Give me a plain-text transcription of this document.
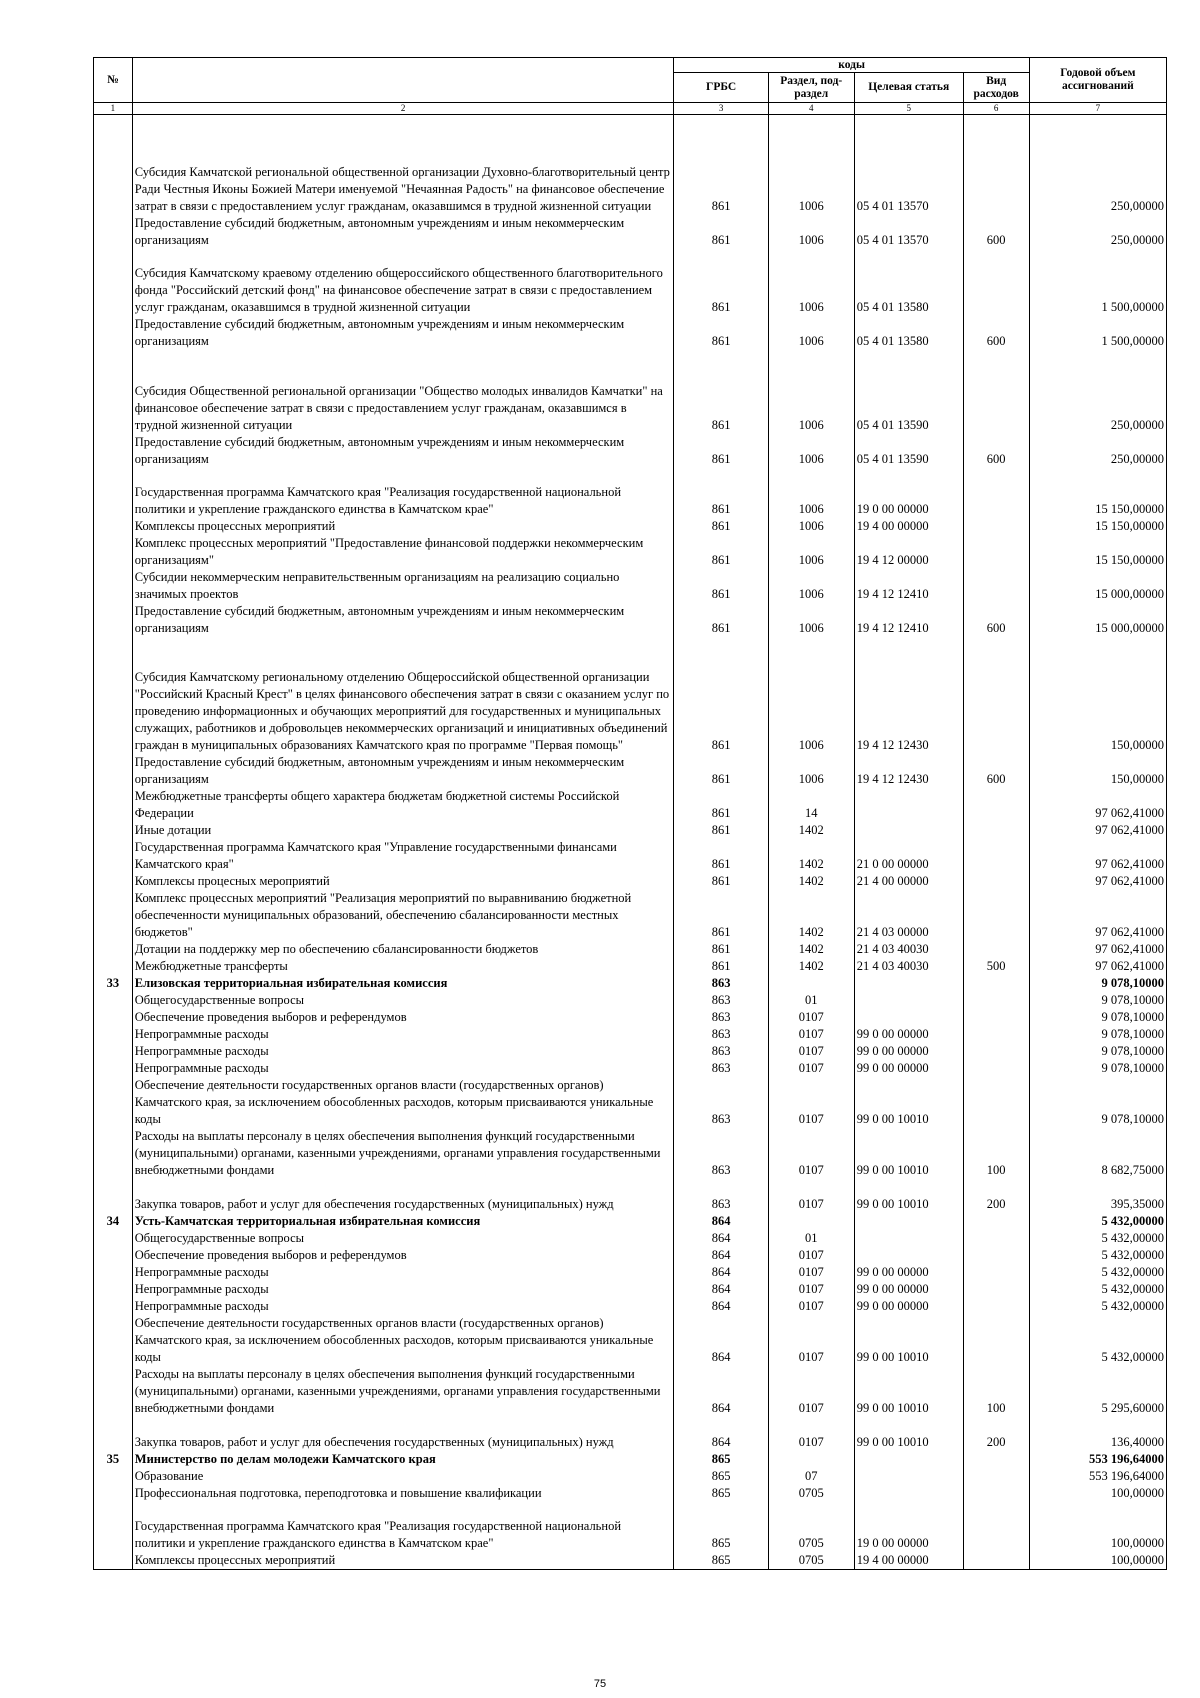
№		коды				Годовой объем ассигнований
		ГРБС	Раздел, под-раздел	Целевая статья	Вид расходов	
1	2	3	4	5	6	7
	Субсидия Камчатской региональной общественной организации Духовно-благотворительный центр Ради Честныя Иконы Божией Матери именуемой "Нечаянная Радость" на финансовое обеспечение затрат в связи с предоставлением услуг гражданам, оказавшимся в трудной жизненной ситуации	861	1006	05 4 01 13570		250,00000
	Предоставление субсидий бюджетным, автономным учреждениям и иным некоммерческим организациям	861	1006	05 4 01 13570	600	250,00000
	Субсидия Камчатскому краевому отделению общероссийского общественного благотворительного фонда "Российский детский фонд" на финансовое обеспечение затрат в связи с предоставлением услуг гражданам, оказавшимся в трудной жизненной ситуации	861	1006	05 4 01 13580		1 500,00000
	Предоставление субсидий бюджетным, автономным учреждениям и иным некоммерческим организациям	861	1006	05 4 01 13580	600	1 500,00000
	Субсидия Общественной региональной организации "Общество молодых инвалидов Камчатки" на финансовое обеспечение затрат в связи с предоставлением услуг гражданам, оказавшимся в трудной жизненной ситуации	861	1006	05 4 01 13590		250,00000
	Предоставление субсидий бюджетным, автономным учреждениям и иным некоммерческим организациям	861	1006	05 4 01 13590	600	250,00000
	Государственная программа Камчатского края "Реализация государственной национальной политики и укрепление гражданского единства в Камчатском крае"	861	1006	19 0 00 00000		15 150,00000
	Комплексы процессных мероприятий	861	1006	19 4 00 00000		15 150,00000
	Комплекс процессных мероприятий "Предоставление финансовой поддержки некоммерческим организациям"	861	1006	19 4 12 00000		15 150,00000
	Субсидии некоммерческим неправительственным организациям на реализацию социально значимых проектов	861	1006	19 4 12 12410		15 000,00000
	Предоставление субсидий бюджетным, автономным учреждениям и иным некоммерческим организациям	861	1006	19 4 12 12410	600	15 000,00000
	Субсидия Камчатскому региональному отделению Общероссийской общественной организации "Российский Красный Крест" в целях финансового обеспечения затрат в связи с оказанием услуг по проведению информационных и обучающих мероприятий для государственных и муниципальных служащих, работников и добровольцев некоммерческих организаций и инициативных объединений граждан в муниципальных образованиях Камчатского края по программе "Первая помощь"	861	1006	19 4 12 12430		150,00000
	Предоставление субсидий бюджетным, автономным учреждениям и иным некоммерческим организациям	861	1006	19 4 12 12430	600	150,00000
	Межбюджетные трансферты общего характера бюджетам бюджетной системы Российской Федерации	861	14			97 062,41000
	Иные дотации	861	1402			97 062,41000
	Государственная программа Камчатского края "Управление государственными финансами Камчатского края"	861	1402	21 0 00 00000		97 062,41000
	Комплексы процесных мероприятий	861	1402	21 4 00 00000		97 062,41000
	Комплекс процессных мероприятий "Реализация мероприятий по выравниванию бюджетной обеспеченности муниципальных образований, обеспечению сбалансированности местных бюджетов"	861	1402	21 4 03 00000		97 062,41000
	Дотации на поддержку мер по обеспечению сбалансированности бюджетов	861	1402	21 4 03 40030		97 062,41000
	Межбюджетные трансферты	861	1402	21 4 03 40030	500	97 062,41000
33	Елизовская территориальная избирательная комиссия	863				9 078,10000
	Общегосударственные вопросы	863	01			9 078,10000
	Обеспечение проведения выборов и референдумов	863	0107			9 078,10000
	Непрограммные расходы	863	0107	99 0 00 00000		9 078,10000
	Непрограммные расходы	863	0107	99 0 00 00000		9 078,10000
	Непрограммные расходы	863	0107	99 0 00 00000		9 078,10000
	Обеспечение деятельности государственных органов власти (государственных органов) Камчатского края, за исключением обособленных расходов, которым присваиваются уникальные коды	863	0107	99 0 00 10010		9 078,10000
	Расходы на выплаты персоналу в целях обеспечения выполнения функций государственными (муниципальными) органами, казенными учреждениями, органами управления государственными внебюджетными фондами	863	0107	99 0 00 10010	100	8 682,75000
	Закупка товаров, работ и услуг для обеспечения государственных (муниципальных) нужд	863	0107	99 0 00 10010	200	395,35000
34	Усть-Камчатская территориальная избирательная комиссия	864				5 432,00000
	Общегосударственные вопросы	864	01			5 432,00000
	Обеспечение проведения выборов и референдумов	864	0107			5 432,00000
	Непрограммные расходы	864	0107	99 0 00 00000		5 432,00000
	Непрограммные расходы	864	0107	99 0 00 00000		5 432,00000
	Непрограммные расходы	864	0107	99 0 00 00000		5 432,00000
	Обеспечение деятельности государственных органов власти (государственных органов) Камчатского края, за исключением обособленных расходов, которым присваиваются уникальные коды	864	0107	99 0 00 10010		5 432,00000
	Расходы на выплаты персоналу в целях обеспечения выполнения функций государственными (муниципальными) органами, казенными учреждениями, органами управления государственными внебюджетными фондами	864	0107	99 0 00 10010	100	5 295,60000
	Закупка товаров, работ и услуг для обеспечения государственных (муниципальных) нужд	864	0107	99 0 00 10010	200	136,40000
35	Министерство по делам молодежи Камчатского края	865				553 196,64000
	Образование	865	07			553 196,64000
	Профессиональная подготовка, переподготовка и повышение квалификации	865	0705			100,00000
	Государственная программа Камчатского края "Реализация государственной национальной политики и укрепление гражданского единства в Камчатском крае"	865	0705	19 0 00 00000		100,00000
	Комплексы процессных мероприятий	865	0705	19 4 00 00000		100,00000
75
